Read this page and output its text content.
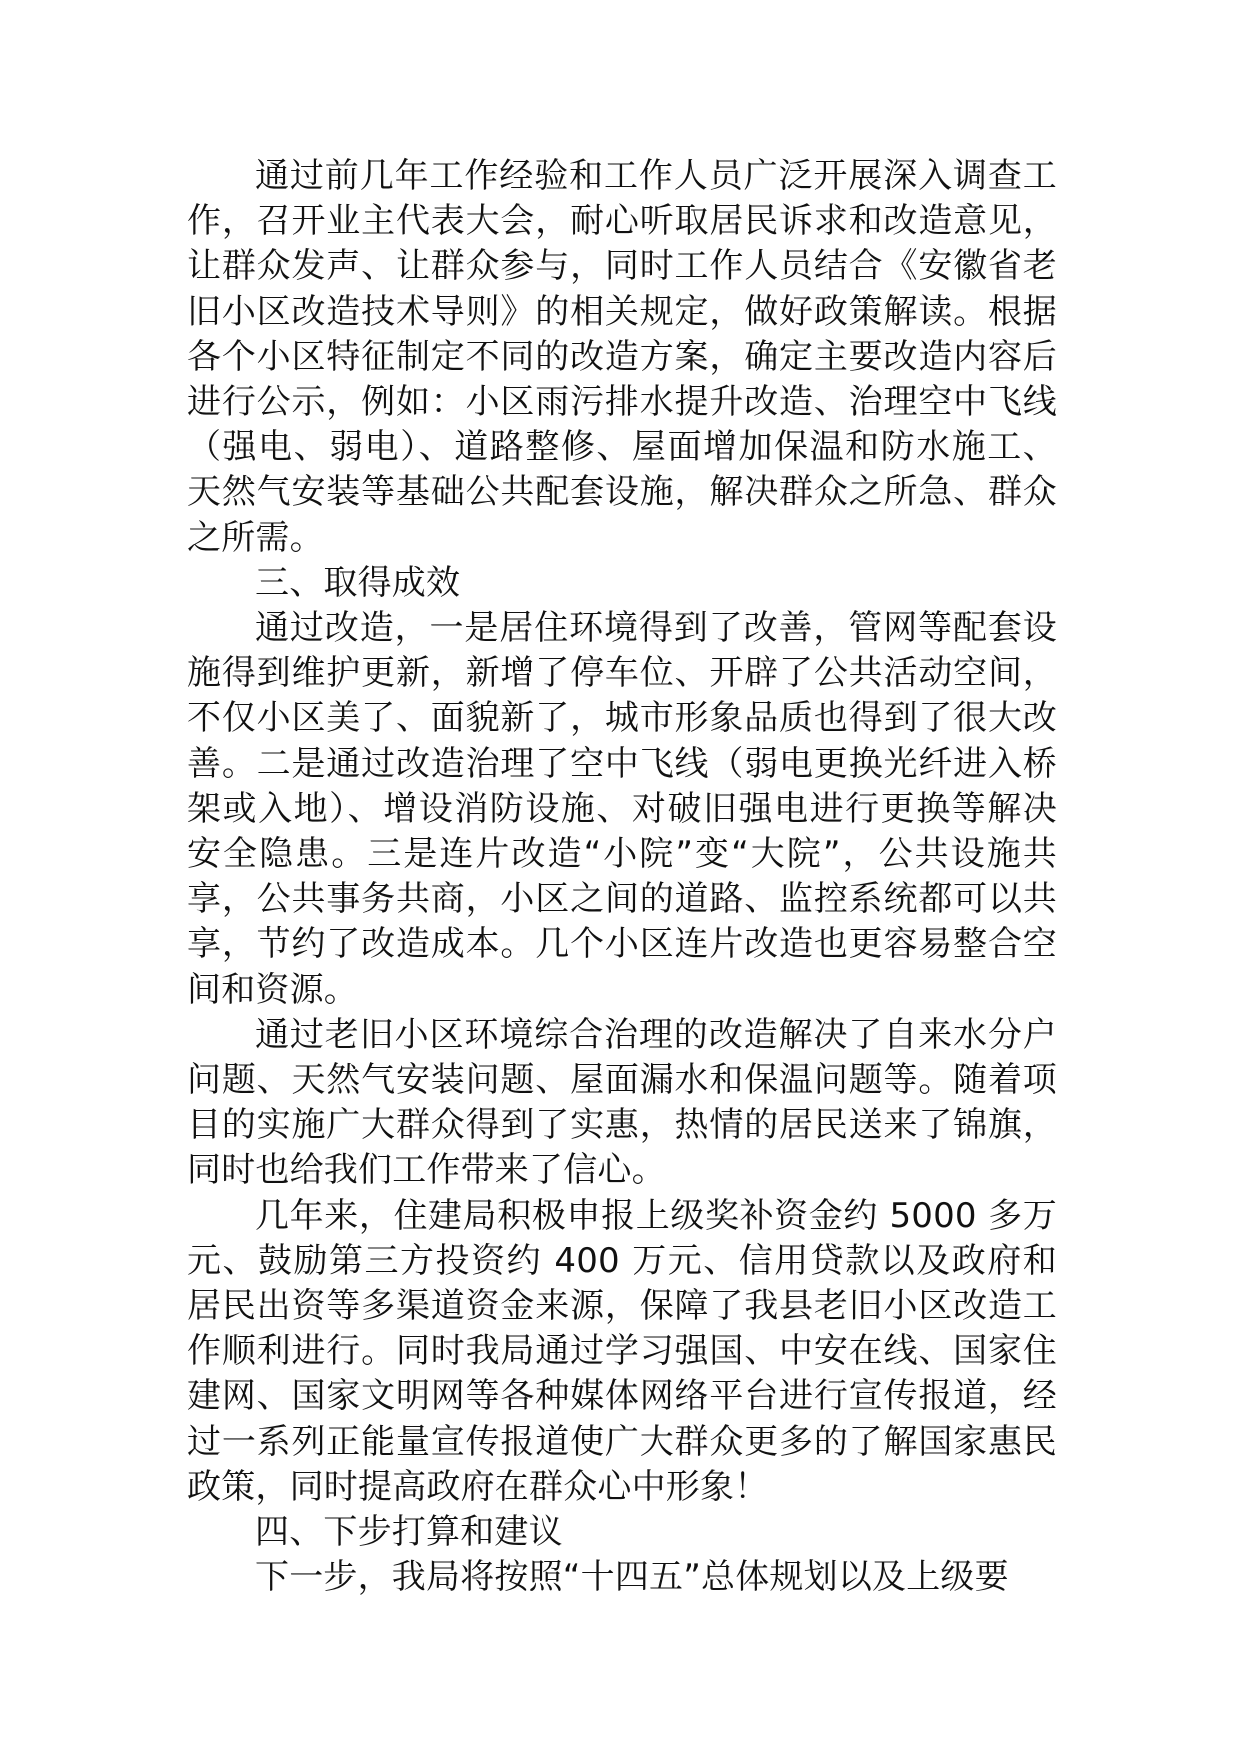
通过前几年工作经验和工作人员广泛开展深入调查工作，召开业主代表大会，耐心听取居民诉求和改造意见，让群众发声、让群众参与，同时工作人员结合《安徽省老旧小区改造技术导则》的相关规定，做好政策解读。根据各个小区特征制定不同的改造方案，确定主要改造内容后进行公示，例如：小区雨污排水提升改造、治理空中飞线（强电、弱电）、道路整修、屋面增加保温和防水施工、天然气安装等基础公共配套设施，解决群众之所急、群众之所需。

三、取得成效

通过改造，一是居住环境得到了改善，管网等配套设施得到维护更新，新增了停车位、开辟了公共活动空间，不仅小区美了、面貌新了，城市形象品质也得到了很大改善。二是通过改造治理了空中飞线（弱电更换光纤进入桥架或入地）、增设消防设施、对破旧强电进行更换等解决安全隐患。三是连片改造“小院”变“大院”，公共设施共享，公共事务共商，小区之间的道路、监控系统都可以共享，节约了改造成本。几个小区连片改造也更容易整合空间和资源。

通过老旧小区环境综合治理的改造解决了自来水分户问题、天然气安装问题、屋面漏水和保温问题等。随着项目的实施广大群众得到了实惠，热情的居民送来了锦旗，同时也给我们工作带来了信心。

几年来，住建局积极申报上级奖补资金约 5000 多万元、鼓励第三方投资约 400 万元、信用贷款以及政府和居民出资等多渠道资金来源，保障了我县老旧小区改造工作顺利进行。同时我局通过学习强国、中安在线、国家住建网、国家文明网等各种媒体网络平台进行宣传报道，经过一系列正能量宣传报道使广大群众更多的了解国家惠民政策，同时提高政府在群众心中形象！

四、下步打算和建议

下一步，我局将按照“十四五”总体规划以及上级要
